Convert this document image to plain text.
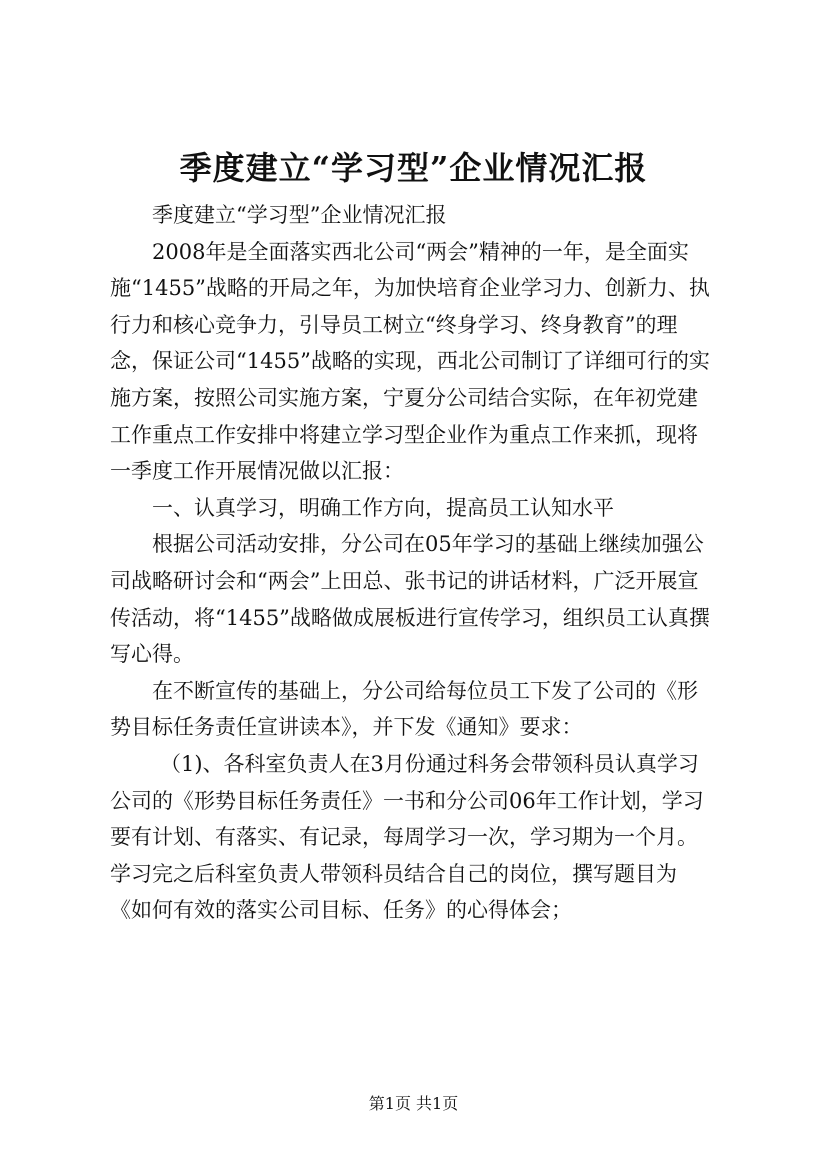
季度建立“学习型”企业情况汇报

季度建立“学习型”企业情况汇报

2008年是全面落实西北公司“两会”精神的一年，是全面实施“1455”战略的开局之年，为加快培育企业学习力、创新力、执行力和核心竞争力，引导员工树立“终身学习、终身教育”的理念，保证公司“1455”战略的实现，西北公司制订了详细可行的实施方案，按照公司实施方案，宁夏分公司结合实际，在年初党建工作重点工作安排中将建立学习型企业作为重点工作来抓，现将一季度工作开展情况做以汇报：

一、认真学习，明确工作方向，提高员工认知水平

根据公司活动安排，分公司在05年学习的基础上继续加强公司战略研讨会和“两会”上田总、张书记的讲话材料，广泛开展宣传活动，将“1455”战略做成展板进行宣传学习，组织员工认真撰写心得。

在不断宣传的基础上，分公司给每位员工下发了公司的《形势目标任务责任宣讲读本》，并下发《通知》要求：

（1)、各科室负责人在3月份通过科务会带领科员认真学习公司的《形势目标任务责任》一书和分公司06年工作计划，学习要有计划、有落实、有记录，每周学习一次，学习期为一个月。学习完之后科室负责人带领科员结合自己的岗位，撰写题目为《如何有效的落实公司目标、任务》的心得体会；

第1页 共1页
